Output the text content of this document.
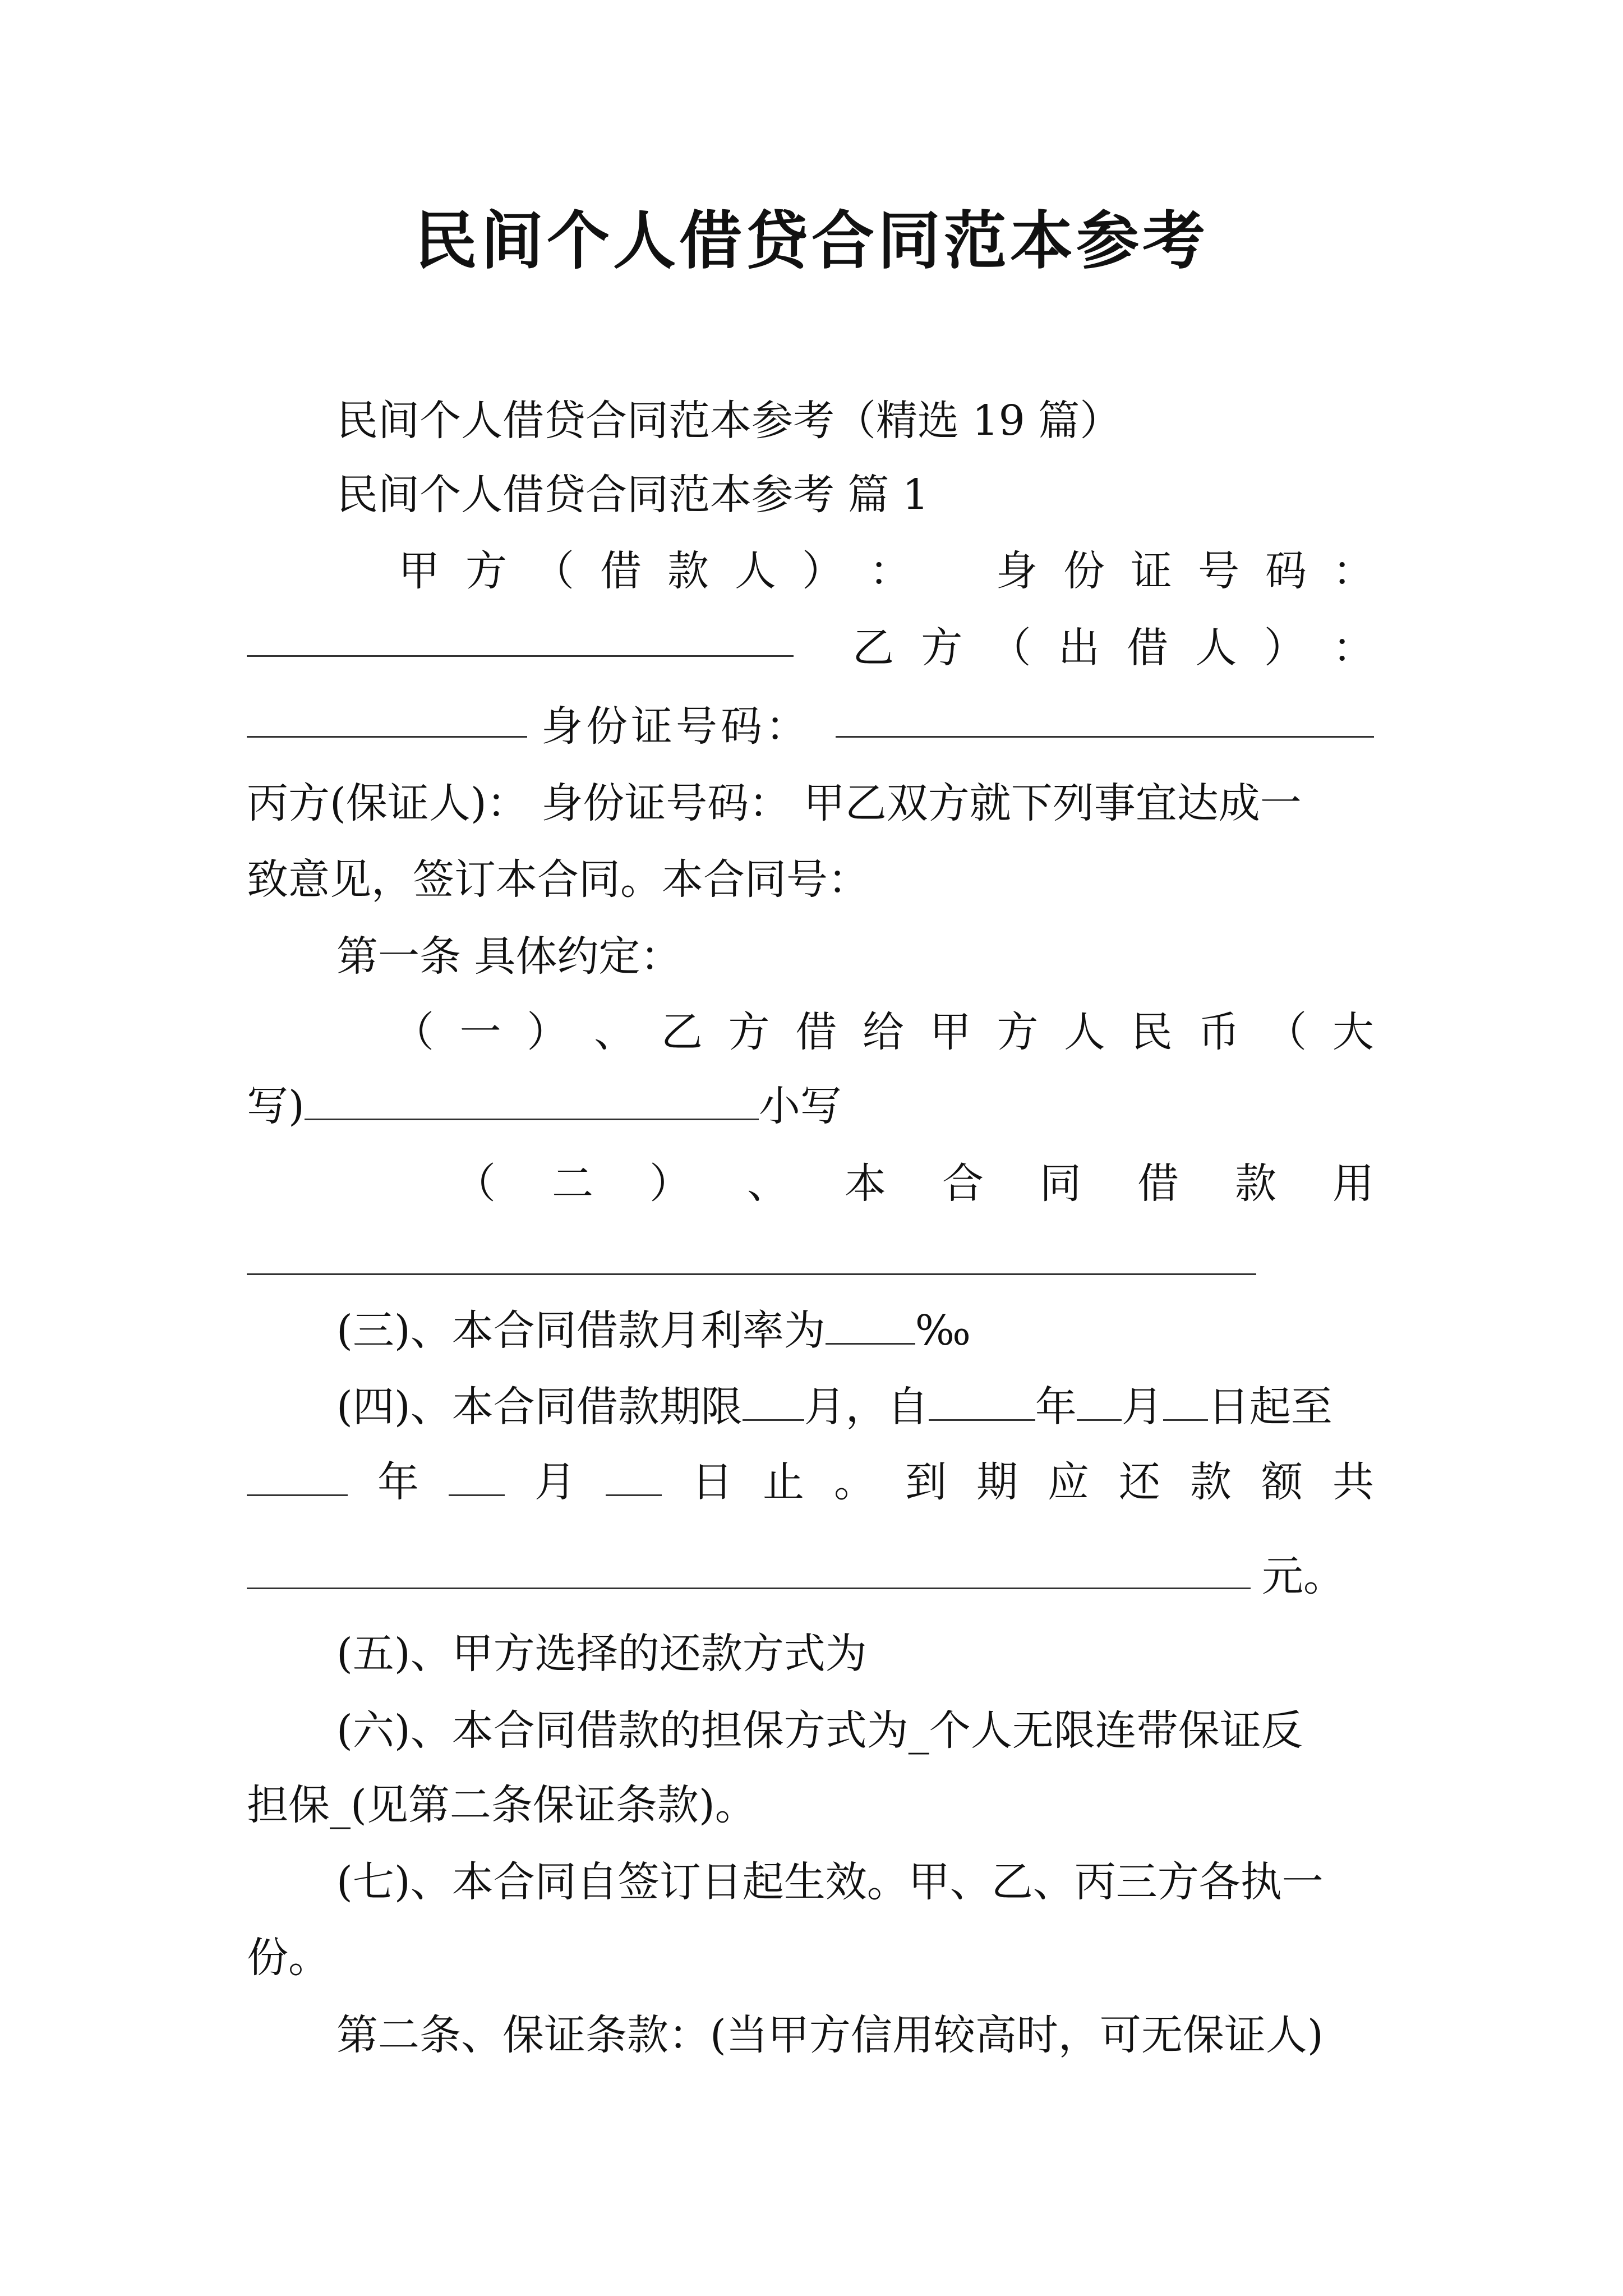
民间个人借贷合同范本参考
民间个人借贷合同范本参考（精选 19 篇）
民间个人借贷合同范本参考 篇 1
甲 方 （ 借 款 人 ） ： 身 份 证 号 码 ：
乙 方 （ 出 借 人 ） ：
身份证号码：
丙方(保证人)： 身份证号码： 甲乙双方就下列事宜达成一
致意见，签订本合同。本合同号：
第一条 具体约定：
（ 一 ） 、 乙 方 借 给 甲 方 人 民 币 （ 大
写)	小写
（ 二 ） 、 本 合 同 借 款 用
(三)、本合同借款月利率为 ‰
(四)、本合同借款期限 月，自	年 月 日起至
年	月	日 止 。 到 期 应 还 款 额 共
元。
(五)、甲方选择的还款方式为
(六)、本合同借款的担保方式为_个人无限连带保证反
担保_(见第二条保证条款)。
(七)、本合同自签订日起生效。甲、乙、丙三方各执一
份。
第二条、保证条款：(当甲方信用较高时，可无保证人)
